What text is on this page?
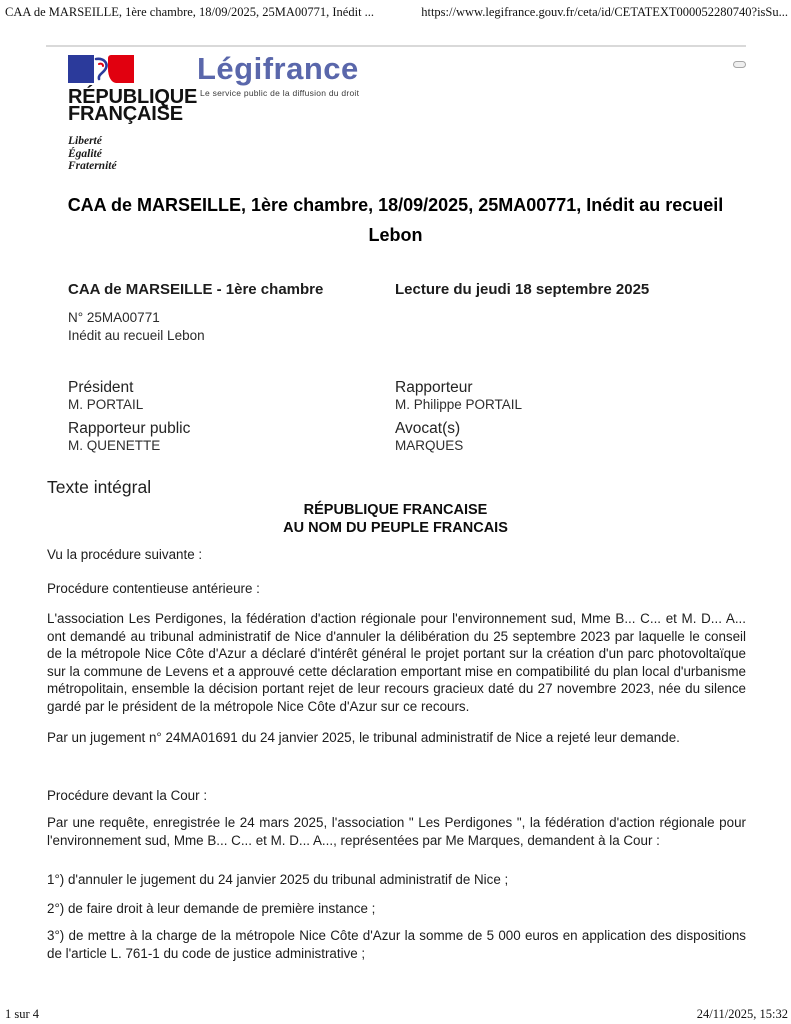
CAA de MARSEILLE, 1ère chambre, 18/09/2025, 25MA00771, Inédit ...	https://www.legifrance.gouv.fr/ceta/id/CETATEXT000052280740?isSu...
RÉPUBLIQUE
FRANÇAISE
Liberté
Égalité
Fraternité
Légifrance
Le service public de la diffusion du droit
CAA de MARSEILLE, 1ère chambre, 18/09/2025, 25MA00771, Inédit au recueil Lebon
CAA de MARSEILLE - 1ère chambre	Lecture du jeudi 18 septembre 2025
N° 25MA00771
Inédit au recueil Lebon
Président
M. PORTAIL
Rapporteur
M. Philippe PORTAIL
Rapporteur public
M. QUENETTE
Avocat(s)
MARQUES
Texte intégral
RÉPUBLIQUE FRANCAISE
AU NOM DU PEUPLE FRANCAIS

Vu la procédure suivante :

Procédure contentieuse antérieure :

L'association Les Perdigones, la fédération d'action régionale pour l'environnement sud, Mme B... C... et M. D... A... ont demandé au tribunal administratif de Nice d'annuler la délibération du 25 septembre 2023 par laquelle le conseil de la métropole Nice Côte d'Azur a déclaré d'intérêt général le projet portant sur la création d'un parc photovoltaïque sur la commune de Levens et a approuvé cette déclaration emportant mise en compatibilité du plan local d'urbanisme métropolitain, ensemble la décision portant rejet de leur recours gracieux daté du 27 novembre 2023, née du silence gardé par le président de la métropole Nice Côte d'Azur sur ce recours.

Par un jugement n° 24MA01691 du 24 janvier 2025, le tribunal administratif de Nice a rejeté leur demande.

Procédure devant la Cour :

Par une requête, enregistrée le 24 mars 2025, l'association " Les Perdigones ", la fédération d'action régionale pour l'environnement sud, Mme B... C... et M. D... A..., représentées par Me Marques, demandent à la Cour :

1°) d'annuler le jugement du 24 janvier 2025 du tribunal administratif de Nice ;

2°) de faire droit à leur demande de première instance ;

3°) de mettre à la charge de la métropole Nice Côte d'Azur la somme de 5 000 euros en application des dispositions de l'article L. 761-1 du code de justice administrative ;

1 sur 4	24/11/2025, 15:32
